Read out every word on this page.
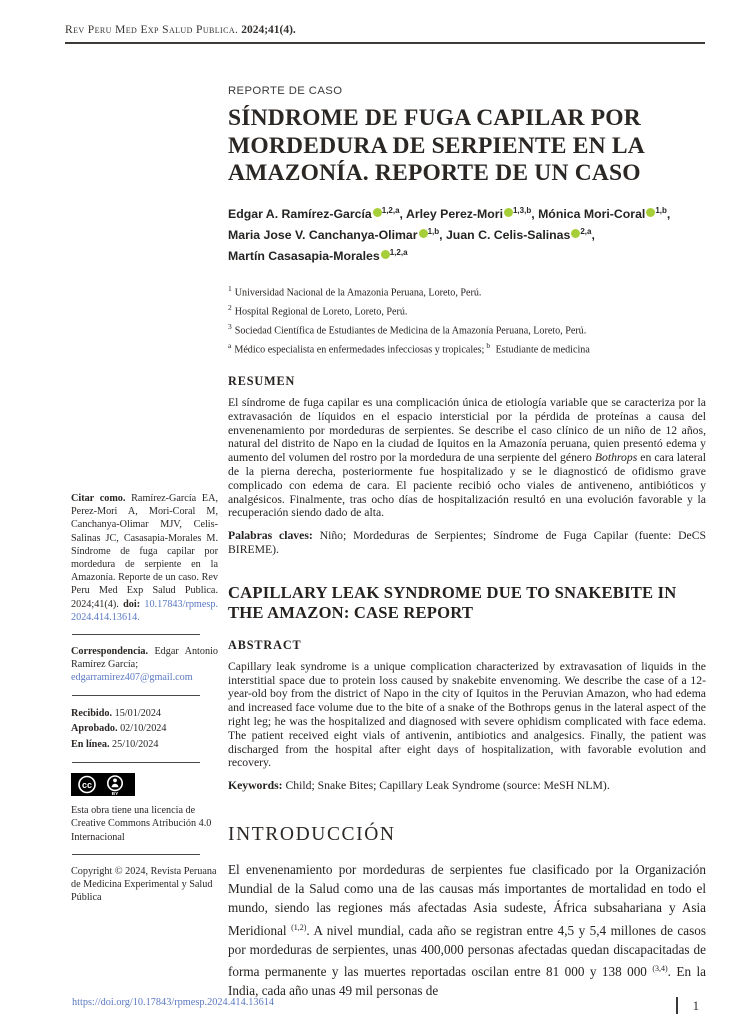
Rev Peru Med Exp Salud Publica. 2024;41(4).

Citar como. Ramírez-García EA, Perez-Mori A, Mori-Coral M, Canchanya-Olimar MJV, Celis-Salinas JC, Casasapia-Morales M. Síndrome de fuga capilar por mordedura de serpiente en la Amazonía. Reporte de un caso. Rev Peru Med Exp Salud Publica. 2024;41(4). doi: 10.17843/rpmesp.2024.414.13614.

Correspondencia. Edgar Antonio Ramírez García;
edgarramirez407@gmail.com

Recibido. 15/01/2024
Aprobado. 02/10/2024
En línea. 25/10/2024

cc
BY

Esta obra tiene una licencia de Creative Commons Atribución 4.0 Internacional

Copyright © 2024, Revista Peruana de Medicina Experimental y Salud Pública

REPORTE DE CASO
SÍNDROME DE FUGA CAPILAR POR MORDEDURA DE SERPIENTE EN LA AMAZONÍA. REPORTE DE UN CASO

Edgar A. Ramírez-García $^{1,2,a}$, Arley Perez-Mori $^{1,3,b}$, Mónica Mori-Coral $^{1,b}$,
Maria Jose V. Canchanya-Olimar $^{1,b}$, Juan C. Celis-Salinas $^{2,a}$,
Martín Casasapia-Morales $^{1,2,a}$

$^1$ Universidad Nacional de la Amazonia Peruana, Loreto, Perú.
$^2$ Hospital Regional de Loreto, Loreto, Perú.
$^3$ Sociedad Científica de Estudiantes de Medicina de la Amazonía Peruana, Loreto, Perú.
$^a$ Médico especialista en enfermedades infecciosas y tropicales; $^b$ Estudiante de medicina
RESUMEN

El síndrome de fuga capilar es una complicación única de etiología variable que se caracteriza por la extravasación de líquidos en el espacio intersticial por la pérdida de proteínas a causa del envenenamiento por mordeduras de serpientes. Se describe el caso clínico de un niño de 12 años, natural del distrito de Napo en la ciudad de Iquitos en la Amazonía peruana, quien presentó edema y aumento del volumen del rostro por la mordedura de una serpiente del género Bothrops en cara lateral de la pierna derecha, posteriormente fue hospitalizado y se le diagnosticó de ofidismo grave complicado con edema de cara. El paciente recibió ocho viales de antiveneno, antibióticos y analgésicos. Finalmente, tras ocho días de hospitalización resultó en una evolución favorable y la recuperación siendo dado de alta.

Palabras claves: Niño; Mordeduras de Serpientes; Síndrome de Fuga Capilar (fuente: DeCS BIREME).

CAPILLARY LEAK SYNDROME DUE TO SNAKEBITE IN THE AMAZON: CASE REPORT
ABSTRACT

Capillary leak syndrome is a unique complication characterized by extravasation of liquids in the interstitial space due to protein loss caused by snakebite envenoming. We describe the case of a 12-year-old boy from the district of Napo in the city of Iquitos in the Peruvian Amazon, who had edema and increased face volume due to the bite of a snake of the Bothrops genus in the lateral aspect of the right leg; he was the hospitalized and diagnosed with severe ophidism complicated with face edema. The patient received eight vials of antivenin, antibiotics and analgesics. Finally, the patient was discharged from the hospital after eight days of hospitalization, with favorable evolution and recovery.

Keywords: Child; Snake Bites; Capillary Leak Syndrome (source: MeSH NLM).

INTRODUCCIÓN

El envenenamiento por mordeduras de serpientes fue clasificado por la Organización Mundial de la Salud como una de las causas más importantes de mortalidad en todo el mundo, siendo las regiones más afectadas Asia sudeste, África subsahariana y Asia Meridional $^{(1,2)}$. A nivel mundial, cada año se registran entre 4,5 y 5,4 millones de casos por mordeduras de serpientes, unas 400,000 personas afectadas quedan discapacitadas de forma permanente y las muertes reportadas oscilan entre 81 000 y 138 000 $^{(3,4)}$. En la India, cada año unas 49 mil personas de

https://doi.org/10.17843/rpmesp.2024.414.13614	1
